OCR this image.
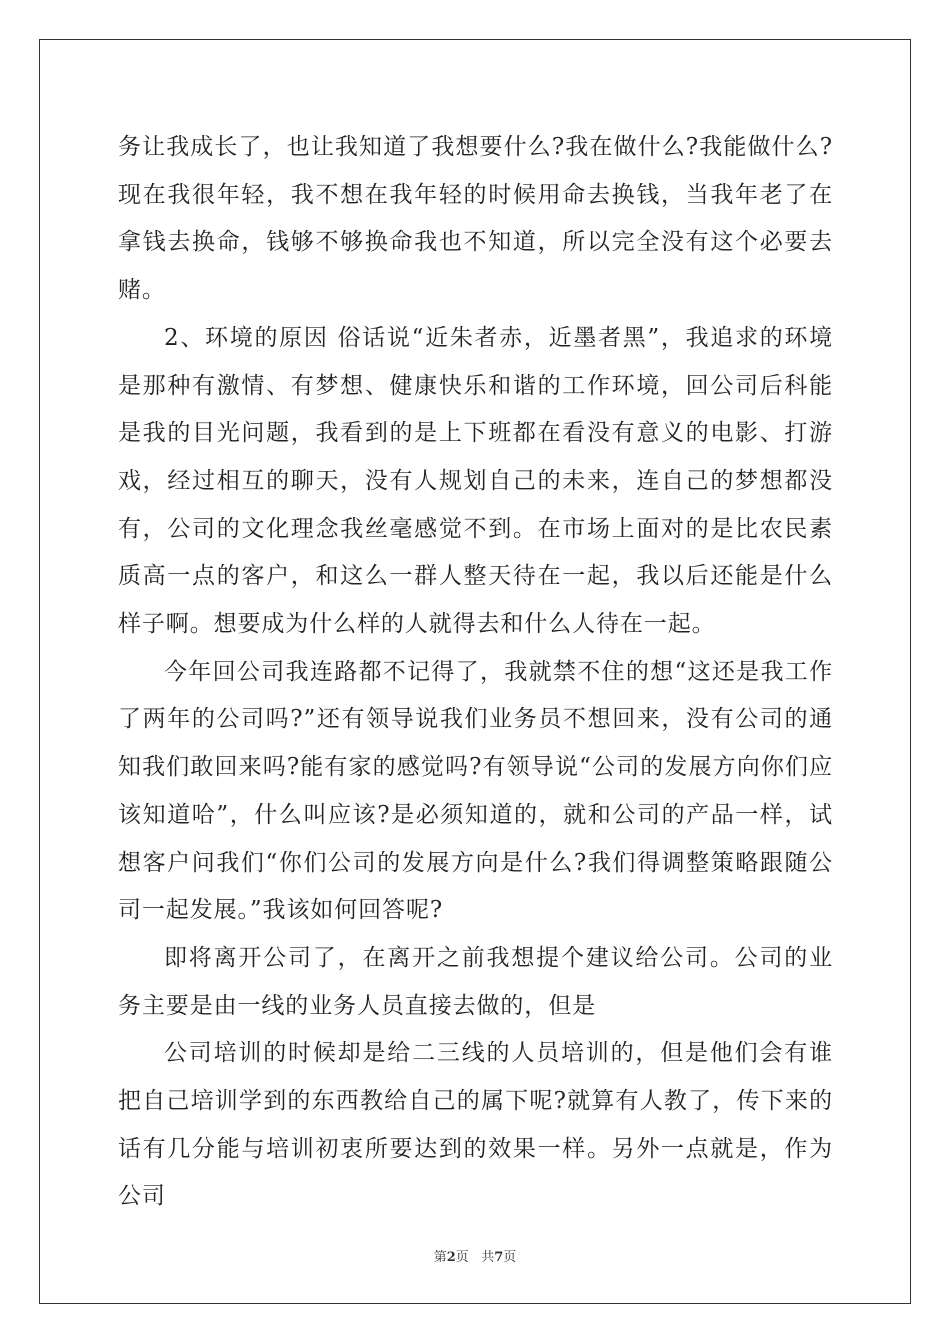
务让我成长了，也让我知道了我想要什么?我在做什么?我能做什么?现在我很年轻，我不想在我年轻的时候用命去换钱，当我年老了在拿钱去换命，钱够不够换命我也不知道，所以完全没有这个必要去赌。

2、环境的原因 俗话说“近朱者赤，近墨者黑”，我追求的环境是那种有激情、有梦想、健康快乐和谐的工作环境，回公司后科能是我的目光问题，我看到的是上下班都在看没有意义的电影、打游戏，经过相互的聊天，没有人规划自己的未来，连自己的梦想都没有，公司的文化理念我丝毫感觉不到。在市场上面对的是比农民素质高一点的客户，和这么一群人整天待在一起，我以后还能是什么样子啊。想要成为什么样的人就得去和什么人待在一起。

今年回公司我连路都不记得了，我就禁不住的想“这还是我工作了两年的公司吗?”还有领导说我们业务员不想回来，没有公司的通知我们敢回来吗?能有家的感觉吗?有领导说“公司的发展方向你们应该知道哈”，什么叫应该?是必须知道的，就和公司的产品一样，试想客户问我们“你们公司的发展方向是什么?我们得调整策略跟随公司一起发展。”我该如何回答呢?

即将离开公司了，在离开之前我想提个建议给公司。公司的业务主要是由一线的业务人员直接去做的，但是

公司培训的时候却是给二三线的人员培训的，但是他们会有谁把自己培训学到的东西教给自己的属下呢?就算有人教了，传下来的话有几分能与培训初衷所要达到的效果一样。另外一点就是，作为公司

第2页 共7页
